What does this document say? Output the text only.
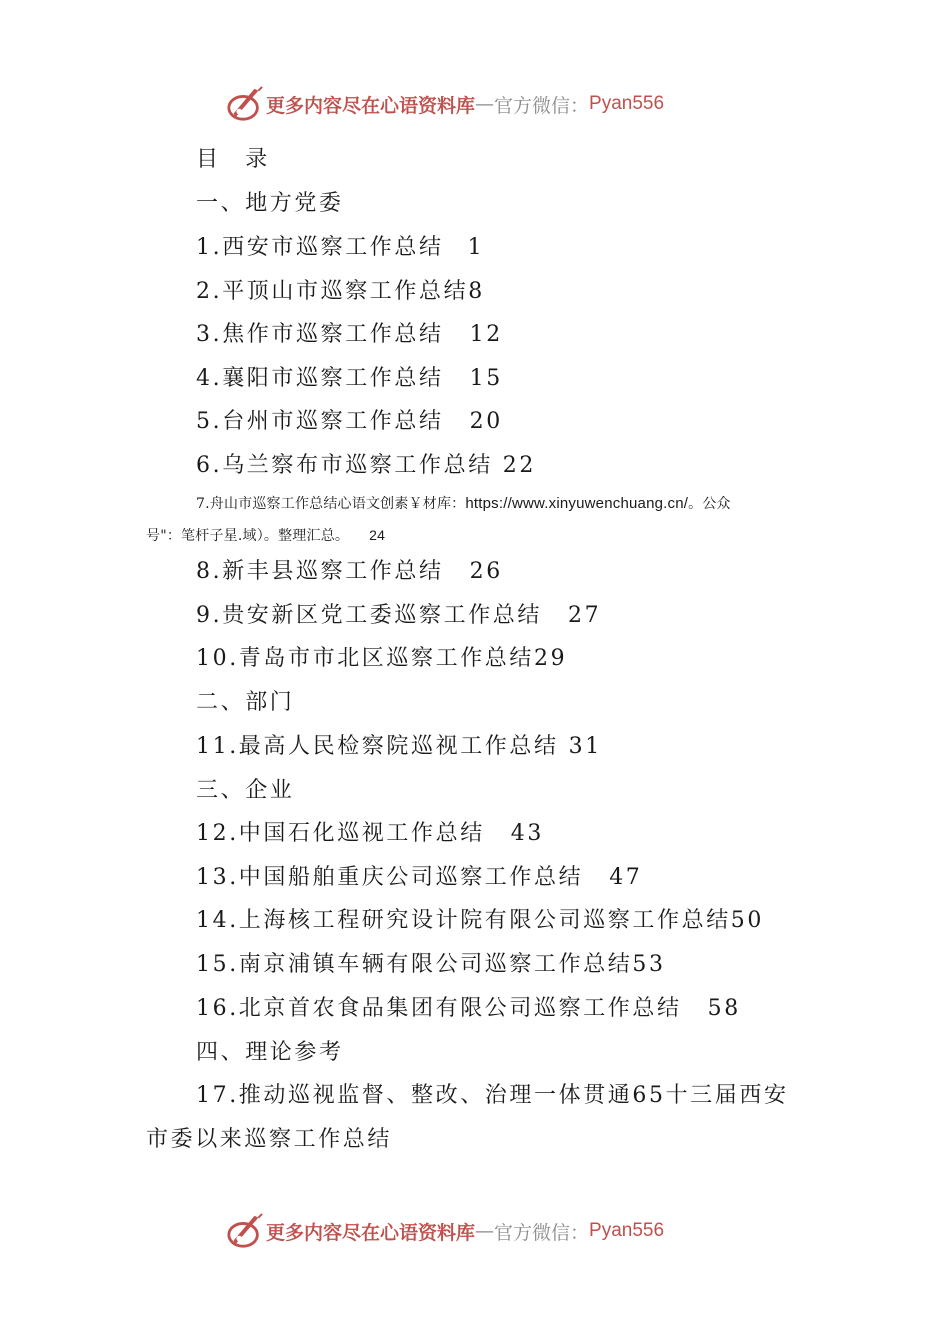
更多内容尽在心语资料库 — 官方微信： Pyan556
目　录
一、地方党委
1.西安市巡察工作总结 1
2.平顶山市巡察工作总结8
3.焦作市巡察工作总结 12
4.襄阳市巡察工作总结 15
5.台州市巡察工作总结 20
6.乌兰察布市巡察工作总结 22
7.舟山市巡察工作总结心语文创素￥材库：https://www.xinyuwenchuang.cn/。公众
号"：笔杆子星.域）。整理汇总。 24
8.新丰县巡察工作总结 26
9.贵安新区党工委巡察工作总结 27
10.青岛市市北区巡察工作总结29
二、部门
11.最高人民检察院巡视工作总结 31
三、企业
12.中国石化巡视工作总结 43
13.中国船舶重庆公司巡察工作总结 47
14.上海核工程研究设计院有限公司巡察工作总结50
15.南京浦镇车辆有限公司巡察工作总结53
16.北京首农食品集团有限公司巡察工作总结 58
四、理论参考
17.推动巡视监督、整改、治理一体贯通65十三届西安
市委以来巡察工作总结
更多内容尽在心语资料库 — 官方微信： Pyan556
